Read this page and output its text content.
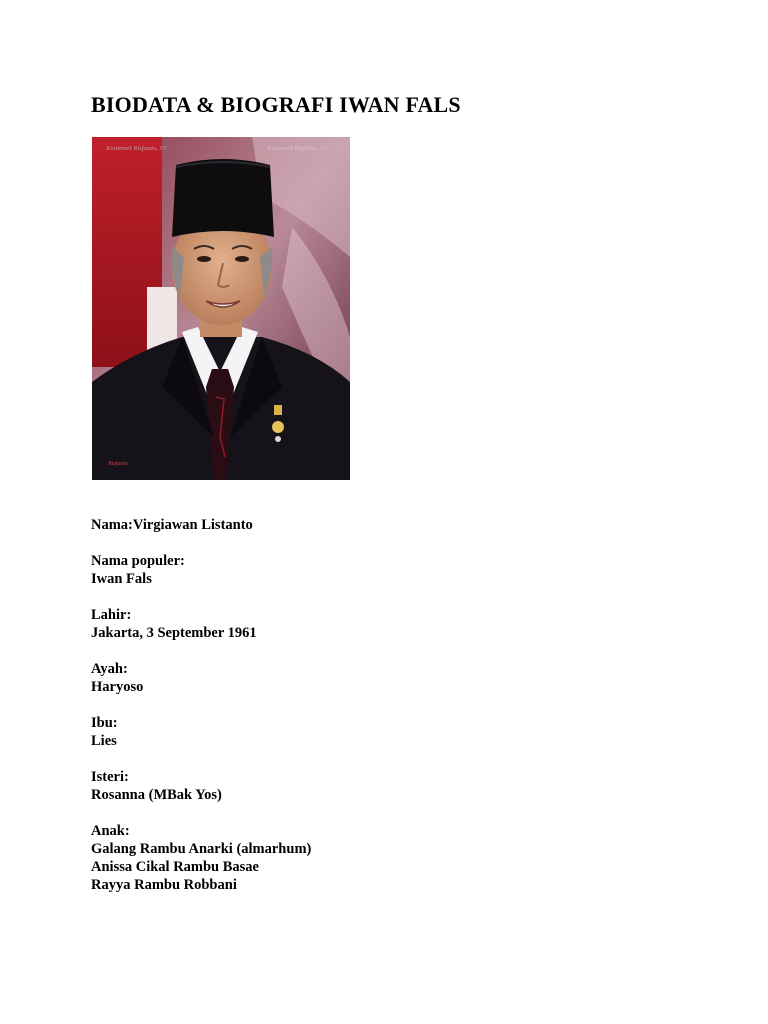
BIODATA & BIOGRAFI IWAN FALS
Kontemel Risfanto, ST	Kontemel Risfanto, ST
Risfanto
Nama:Virgiawan Listanto
Nama populer:
Iwan Fals
Lahir:
Jakarta, 3 September 1961
Ayah:
Haryoso
Ibu:
Lies
Isteri:
Rosanna (MBak Yos)
Anak:
Galang Rambu Anarki (almarhum)
Anissa Cikal Rambu Basae
Rayya Rambu Robbani
